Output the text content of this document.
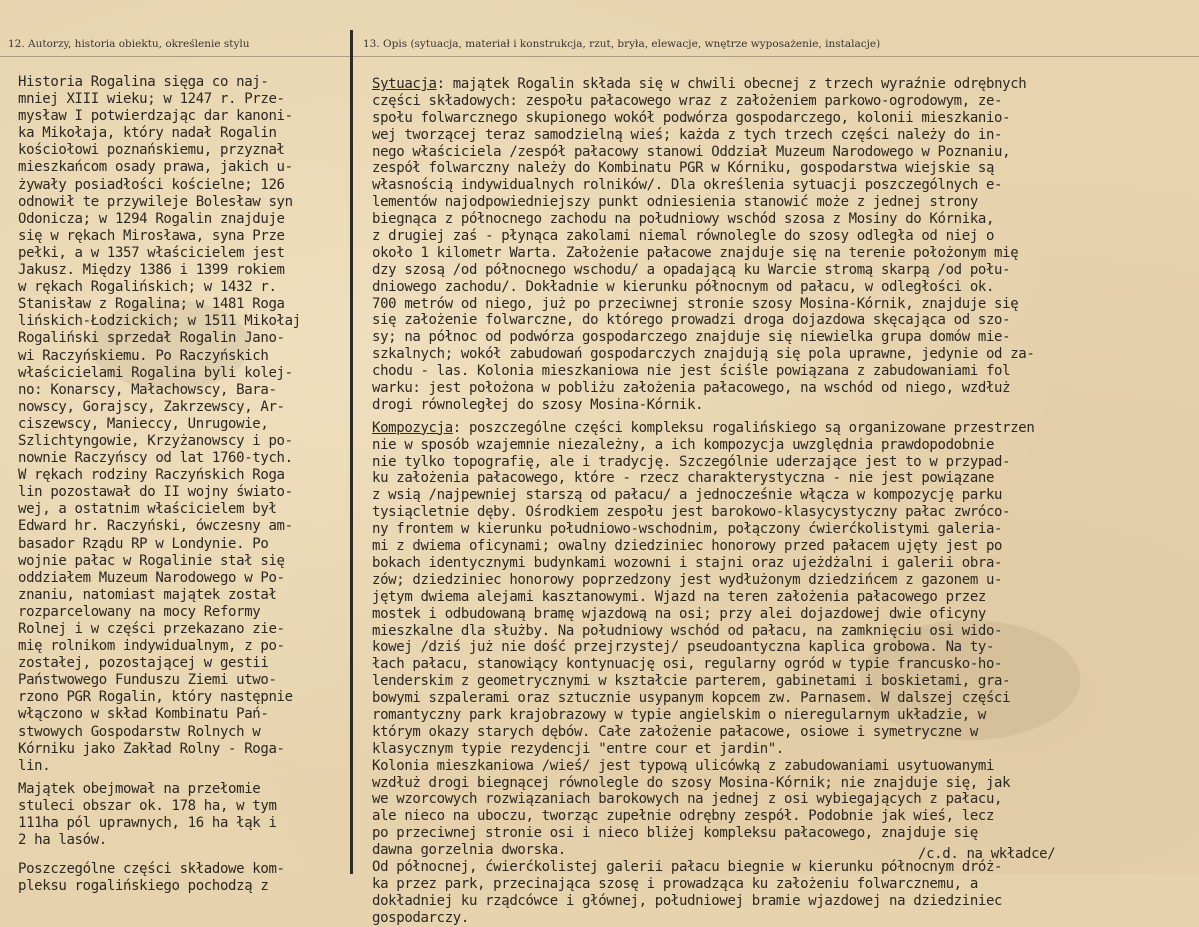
12. Autorzy, historia obiektu, określenie stylu	13. Opis (sytuacja, materiał i konstrukcja, rzut, bryła, elewacje, wnętrze wyposażenie, instalacje)
Historia Rogalina sięga co naj-
mniej XIII wieku; w 1247 r. Prze-
mysław I potwierdzając dar kanoni-
ka Mikołaja, który nadał Rogalin
kościołowi poznańskiemu, przyznał
mieszkańcom osady prawa, jakich u-
żywały posiadłości kościelne; 126
odnowił te przywileje Bolesław syn
Odonicza; w 1294 Rogalin znajduje
się w rękach Mirosława, syna Prze
pełki, a w 1357 właścicielem jest
Jakusz. Między 1386 i 1399 rokiem
w rękach Rogalińskich; w 1432 r.
Stanisław z Rogalina; w 1481 Roga
lińskich-Łodzickich; w 1511 Mikołaj
Rogaliński sprzedał Rogalin Jano-
wi Raczyńskiemu. Po Raczyńskich
właścicielami Rogalina byli kolej-
no: Konarscy, Małachowscy, Bara-
nowscy, Gorajscy, Zakrzewscy, Ar-
ciszewscy, Manieccy, Unrugowie,
Szlichtyngowie, Krzyżanowscy i po-
nownie Raczyńscy od lat 1760-tych.
W rękach rodziny Raczyńskich Roga
lin pozostawał do II wojny świato-
wej, a ostatnim właścicielem był
Edward hr. Raczyński, ówczesny am-
basador Rządu RP w Londynie. Po
wojnie pałac w Rogalinie stał się
oddziałem Muzeum Narodowego w Po-
znaniu, natomiast majątek został
rozparcelowany na mocy Reformy
Rolnej i w części przekazano zie-
mię rolnikom indywidualnym, z po-
zostałej, pozostającej w gestii
Państwowego Funduszu Ziemi utwo-
rzono PGR Rogalin, który następnie
włączono w skład Kombinatu Pań-
stwowych Gospodarstw Rolnych w
Kórniku jako Zakład Rolny - Roga-
lin.
Majątek obejmował na przełomie
stuleci obszar ok. 178 ha, w tym
111ha pól uprawnych, 16 ha łąk i
2 ha lasów.
Poszczególne części składowe kom-
pleksu rogalińskiego pochodzą z
Sytuacja: majątek Rogalin składa się w chwili obecnej z trzech wyraźnie odrębnych
części składowych: zespołu pałacowego wraz z założeniem parkowo-ogrodowym, ze-
społu folwarcznego skupionego wokół podwórza gospodarczego, kolonii mieszkanio-
wej tworzącej teraz samodzielną wieś; każda z tych trzech części należy do in-
nego właściciela /zespół pałacowy stanowi Oddział Muzeum Narodowego w Poznaniu,
zespół folwarczny należy do Kombinatu PGR w Kórniku, gospodarstwa wiejskie są
własnością indywidualnych rolników/. Dla określenia sytuacji poszczególnych e-
lementów najodpowiedniejszy punkt odniesienia stanowić może z jednej strony
biegnąca z północnego zachodu na południowy wschód szosa z Mosiny do Kórnika,
z drugiej zaś - płynąca zakolami niemal równolegle do szosy odległa od niej o
około 1 kilometr Warta. Założenie pałacowe znajduje się na terenie położonym mię
dzy szosą /od północnego wschodu/ a opadającą ku Warcie stromą skarpą /od połu-
dniowego zachodu/. Dokładnie w kierunku północnym od pałacu, w odległości ok.
700 metrów od niego, już po przeciwnej stronie szosy Mosina-Kórnik, znajduje się
się założenie folwarczne, do którego prowadzi droga dojazdowa skęcająca od szo-
sy; na północ od podwórza gospodarczego znajduje się niewielka grupa domów mie-
szkalnych; wokół zabudowań gospodarczych znajdują się pola uprawne, jedynie od za-
chodu - las. Kolonia mieszkaniowa nie jest ściśle powiązana z zabudowaniami fol
warku: jest położona w pobliżu założenia pałacowego, na wschód od niego, wzdłuż
drogi równoległej do szosy Mosina-Kórnik.
Kompozycja: poszczególne części kompleksu rogalińskiego są organizowane przestrzen
nie w sposób wzajemnie niezależny, a ich kompozycja uwzględnia prawdopodobnie
nie tylko topografię, ale i tradycję. Szczególnie uderzające jest to w przypad-
ku założenia pałacowego, które - rzecz charakterystyczna - nie jest powiązane
z wsią /najpewniej starszą od pałacu/ a jednocześnie włącza w kompozycję parku
tysiącletnie dęby. Ośrodkiem zespołu jest barokowo-klasycystyczny pałac zwróco-
ny frontem w kierunku południowo-wschodnim, połączony ćwierćkolistymi galeria-
mi z dwiema oficynami; owalny dziedziniec honorowy przed pałacem ujęty jest po
bokach identycznymi budynkami wozowni i stajni oraz ujeżdżalni i galerii obra-
zów; dziedziniec honorowy poprzedzony jest wydłużonym dziedzińcem z gazonem u-
jętym dwiema alejami kasztanowymi. Wjazd na teren założenia pałacowego przez
mostek i odbudowaną bramę wjazdową na osi; przy alei dojazdowej dwie oficyny
mieszkalne dla służby. Na południowy wschód od pałacu, na zamknięciu osi wido-
kowej /dziś już nie dość przejrzystej/ pseudoantyczna kaplica grobowa. Na ty-
łach pałacu, stanowiący kontynuację osi, regularny ogród w typie francusko-ho-
lenderskim z geometrycznymi w kształcie parterem, gabinetami i boskietami, gra-
bowymi szpalerami oraz sztucznie usypanym kopcem zw. Parnasem. W dalszej części
romantyczny park krajobrazowy w typie angielskim o nieregularnym układzie, w
którym okazy starych dębów. Całe założenie pałacowe, osiowe i symetryczne w
klasycznym typie rezydencji "entre cour et jardin".
Kolonia mieszkaniowa /wieś/ jest typową ulicówką z zabudowaniami usytuowanymi
wzdłuż drogi biegnącej równolegle do szosy Mosina-Kórnik; nie znajduje się, jak
we wzorcowych rozwiązaniach barokowych na jednej z osi wybiegających z pałacu,
ale nieco na uboczu, tworząc zupełnie odrębny zespół. Podobnie jak wieś, lecz
po przeciwnej stronie osi i nieco bliżej kompleksu pałacowego, znajduje się
dawna gorzelnia dworska.
Od północnej, ćwierćkolistej galerii pałacu biegnie w kierunku północnym dróż-
ka przez park, przecinająca szosę i prowadząca ku założeniu folwarcznemu, a
dokładniej ku rządcówce i głównej, południowej bramie wjazdowej na dziedziniec
gospodarczy.
/c.d. na wkładce/
